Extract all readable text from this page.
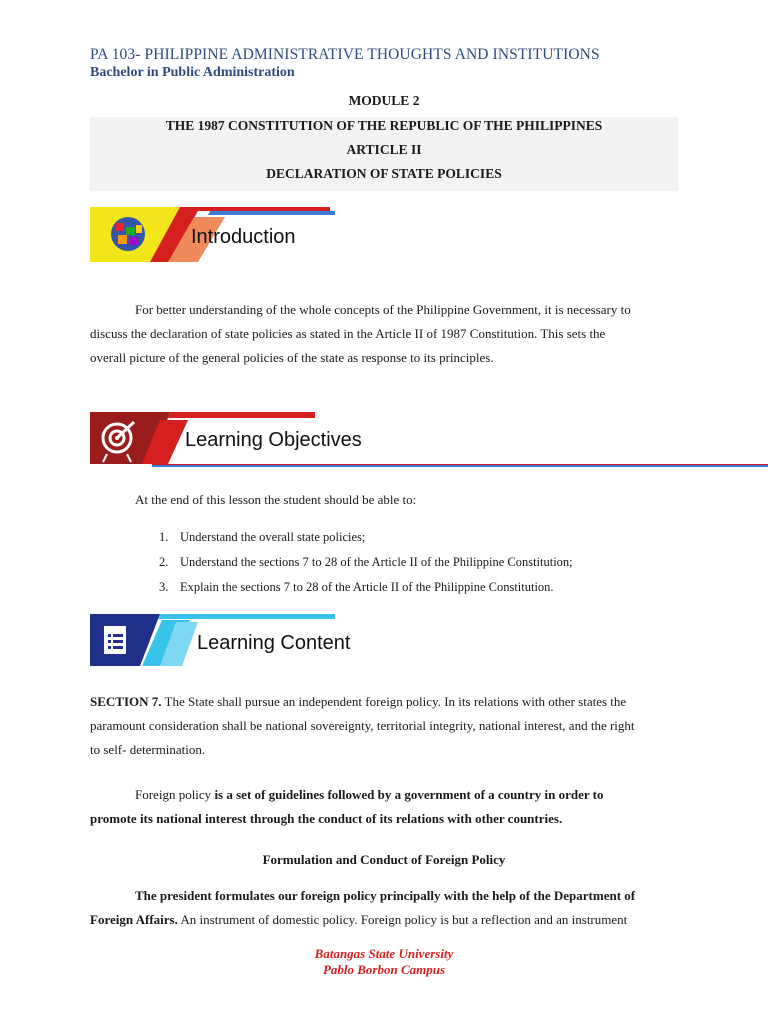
PA 103- PHILIPPINE ADMINISTRATIVE THOUGHTS AND INSTITUTIONS
Bachelor in Public Administration
MODULE 2
THE 1987 CONSTITUTION OF THE REPUBLIC OF THE PHILIPPINES
ARTICLE II
DECLARATION OF STATE POLICIES
Introduction
For better understanding of the whole concepts of the Philippine Government, it is necessary to
discuss the declaration of state policies as stated in the Article II of 1987 Constitution. This sets the
overall picture of the general policies of the state as response to its principles.
Learning Objectives
At the end of this lesson the student should be able to:
1. Understand the overall state policies;
2. Understand the sections 7 to 28 of the Article II of the Philippine Constitution;
3. Explain the sections 7 to 28 of the Article II of the Philippine Constitution.
Learning Content
SECTION 7. The State shall pursue an independent foreign policy. In its relations with other states the
paramount consideration shall be national sovereignty, territorial integrity, national interest, and the right
to self- determination.
Foreign policy is a set of guidelines followed by a government of a country in order to
promote its national interest through the conduct of its relations with other countries.
Formulation and Conduct of Foreign Policy
The president formulates our foreign policy principally with the help of the Department of
Foreign Affairs. An instrument of domestic policy. Foreign policy is but a reflection and an instrument
Batangas State University
Pablo Borbon Campus
